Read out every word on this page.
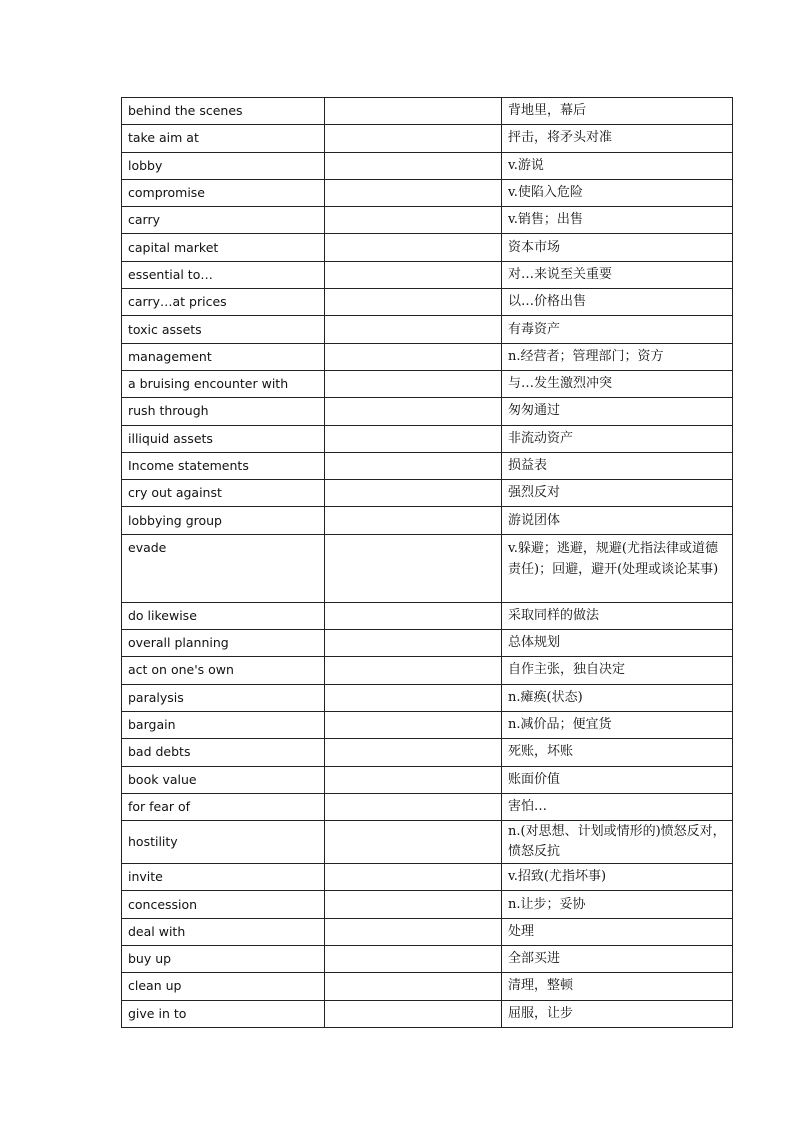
behind the scenes		背地里，幕后
take aim at		抨击，将矛头对准
lobby		v.游说
compromise		v.使陷入危险
carry		v.销售；出售
capital market		资本市场
essential to…		对…来说至关重要
carry…at prices		以…价格出售
toxic assets		有毒资产
management		n.经营者；管理部门；资方
a bruising encounter with		与…发生激烈冲突
rush through		匆匆通过
illiquid assets		非流动资产
Income statements		损益表
cry out against		强烈反对
lobbying group		游说团体
evade		v.躲避；逃避，规避(尤指法律或道德责任)；回避，避开(处理或谈论某事)
do likewise		采取同样的做法
overall planning		总体规划
act on one's own		自作主张，独自决定
paralysis		n.瘫痪(状态)
bargain		n.减价品；便宜货
bad debts		死账，坏账
book value		账面价值
for fear of		害怕…
hostility		n.(对思想、计划或情形的)愤怒反对，愤怒反抗
invite		v.招致(尤指坏事)
concession		n.让步；妥协
deal with		处理
buy up		全部买进
clean up		清理，整顿
give in to		屈服，让步
